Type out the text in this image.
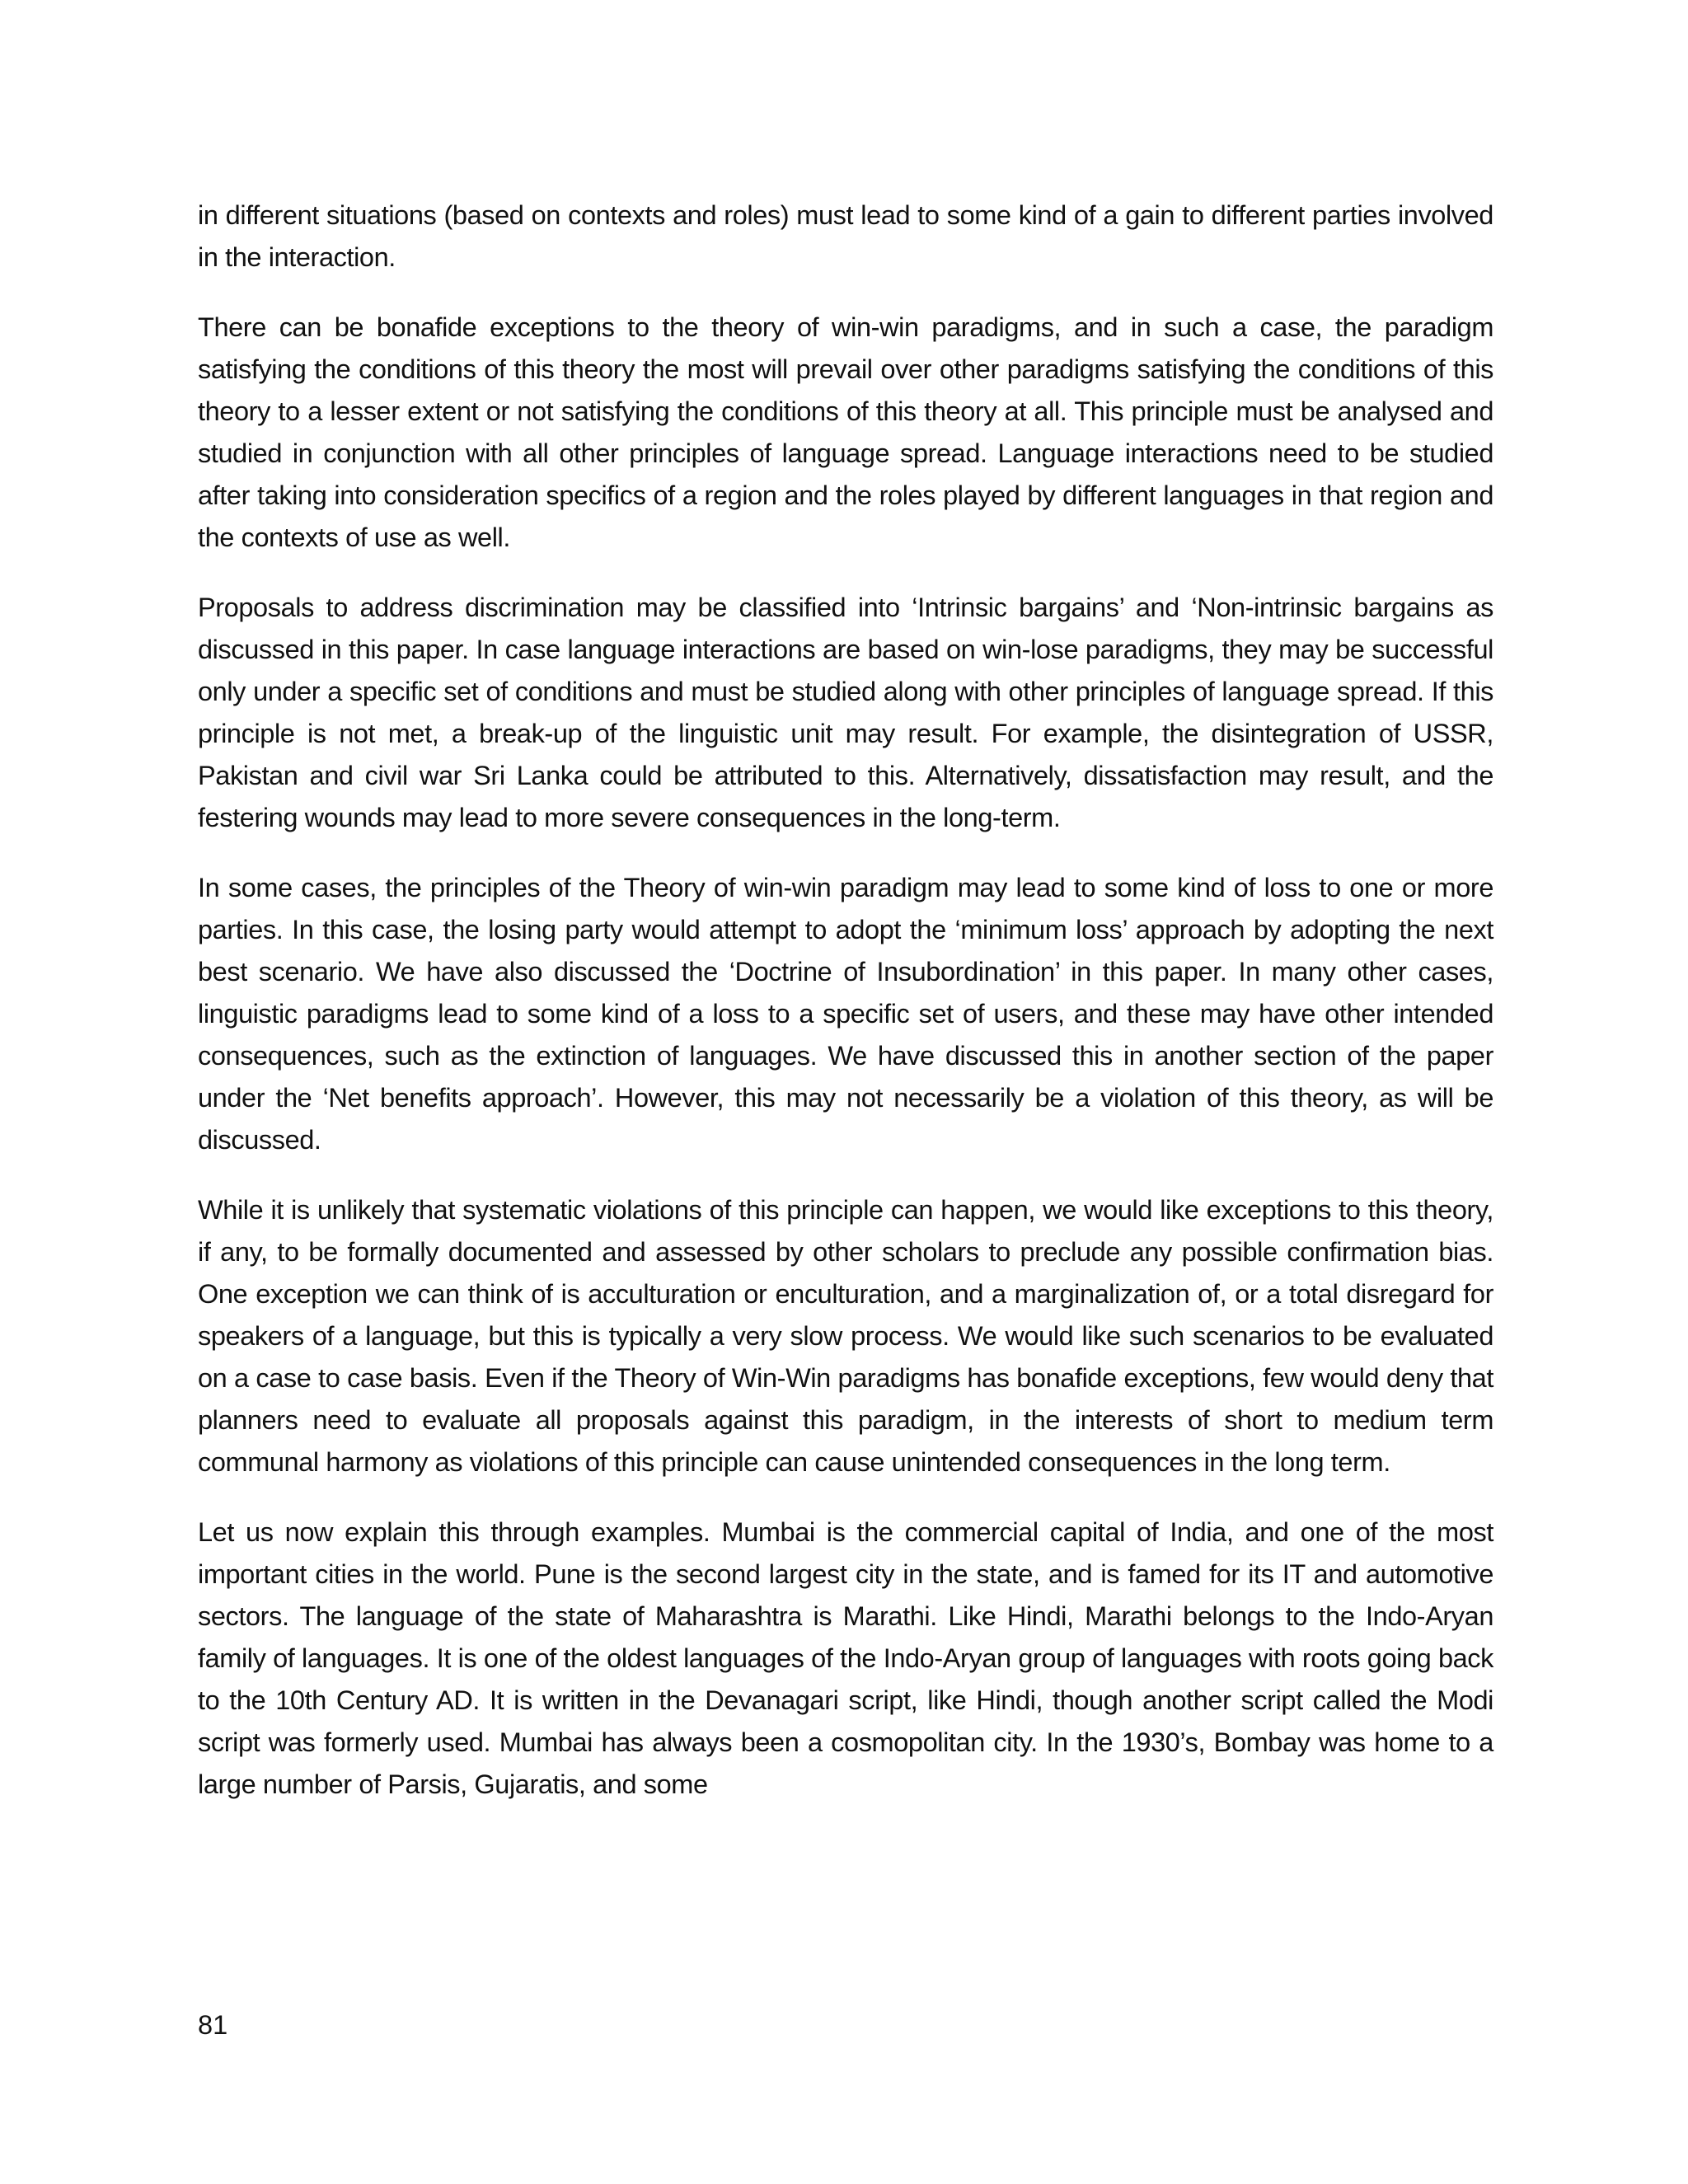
in different situations (based on contexts and roles) must lead to some kind of a gain to different parties involved in the interaction.

There can be bonafide exceptions to the theory of win-win paradigms, and in such a case, the paradigm satisfying the conditions of this theory the most will prevail over other paradigms satisfying the conditions of this theory to a lesser extent or not satisfying the conditions of this theory at all. This principle must be analysed and studied in conjunction with all other principles of language spread. Language interactions need to be studied after taking into consideration specifics of a region and the roles played by different languages in that region and the contexts of use as well.

Proposals to address discrimination may be classified into ‘Intrinsic bargains’ and ‘Non-intrinsic bargains as discussed in this paper. In case language interactions are based on win-lose paradigms, they may be successful only under a specific set of conditions and must be studied along with other principles of language spread. If this principle is not met, a break-up of the linguistic unit may result. For example, the disintegration of USSR, Pakistan and civil war Sri Lanka could be attributed to this. Alternatively, dissatisfaction may result, and the festering wounds may lead to more severe consequences in the long-term.

In some cases, the principles of the Theory of win-win paradigm may lead to some kind of loss to one or more parties. In this case, the losing party would attempt to adopt the ‘minimum loss’ approach by adopting the next best scenario. We have also discussed the ‘Doctrine of Insubordination’ in this paper. In many other cases, linguistic paradigms lead to some kind of a loss to a specific set of users, and these may have other intended consequences, such as the extinction of languages. We have discussed this in another section of the paper under the ‘Net benefits approach’. However, this may not necessarily be a violation of this theory, as will be discussed.

While it is unlikely that systematic violations of this principle can happen, we would like exceptions to this theory, if any, to be formally documented and assessed by other scholars to preclude any possible confirmation bias. One exception we can think of is acculturation or enculturation, and a marginalization of, or a total disregard for speakers of a language, but this is typically a very slow process. We would like such scenarios to be evaluated on a case to case basis. Even if the Theory of Win-Win paradigms has bonafide exceptions, few would deny that planners need to evaluate all proposals against this paradigm, in the interests of short to medium term communal harmony as violations of this principle can cause unintended consequences in the long term.

Let us now explain this through examples. Mumbai is the commercial capital of India, and one of the most important cities in the world. Pune is the second largest city in the state, and is famed for its IT and automotive sectors. The language of the state of Maharashtra is Marathi. Like Hindi, Marathi belongs to the Indo-Aryan family of languages. It is one of the oldest languages of the Indo-Aryan group of languages with roots going back to the 10th Century AD. It is written in the Devanagari script, like Hindi, though another script called the Modi script was formerly used. Mumbai has always been a cosmopolitan city. In the 1930’s, Bombay was home to a large number of Parsis, Gujaratis, and some

81
